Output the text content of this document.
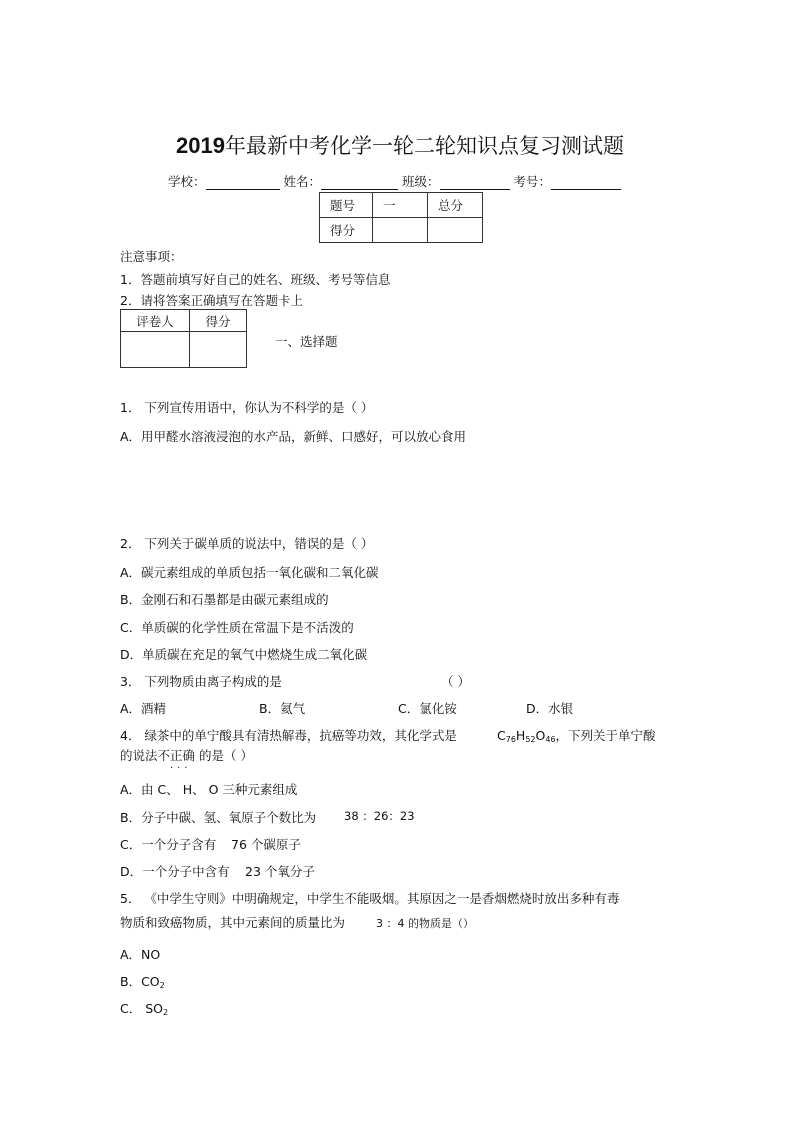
2019年最新中考化学一轮二轮知识点复习测试题
学校：	姓名：	班级：	考号：
题号	一	总分
得分		
注意事项：
1．答题前填写好自己的姓名、班级、考号等信息
2．请将答案正确填写在答题卡上
评卷人	得分

一、选择题
1． 下列宣传用语中，你认为不科学的是（ ）
A．用甲醛水溶液浸泡的水产品，新鲜、口感好，可以放心食用
2． 下列关于碳单质的说法中，错误的是（ ）
A．碳元素组成的单质包括一氧化碳和二氧化碳
B．金刚石和石墨都是由碳元素组成的
C．单质碳的化学性质在常温下是不活泼的
D．单质碳在充足的氧气中燃烧生成二氧化碳
3． 下列物质由离子构成的是	（ ）
A．酒精	B．氦气	C．氯化铵	D．水银
4． 绿茶中的单宁酸具有清热解毒，抗癌等功效，其化学式是	C76H52O46，下列关于单宁酸
的说法不正确 的是（ ）
...
A．由 C、 H、 O 三种元素组成
B．分子中碳、氢、氧原子个数比为 38 ：26：23
C．一个分子含有 76 个碳原子
D．一个分子中含有 23 个氧分子
5． 《中学生守则》中明确规定，中学生不能吸烟。其原因之一是香烟燃烧时放出多种有毒
物质和致癌物质，其中元素间的质量比为	3 ：4 的物质是（）
A．NO
B．CO2
C． SO2
